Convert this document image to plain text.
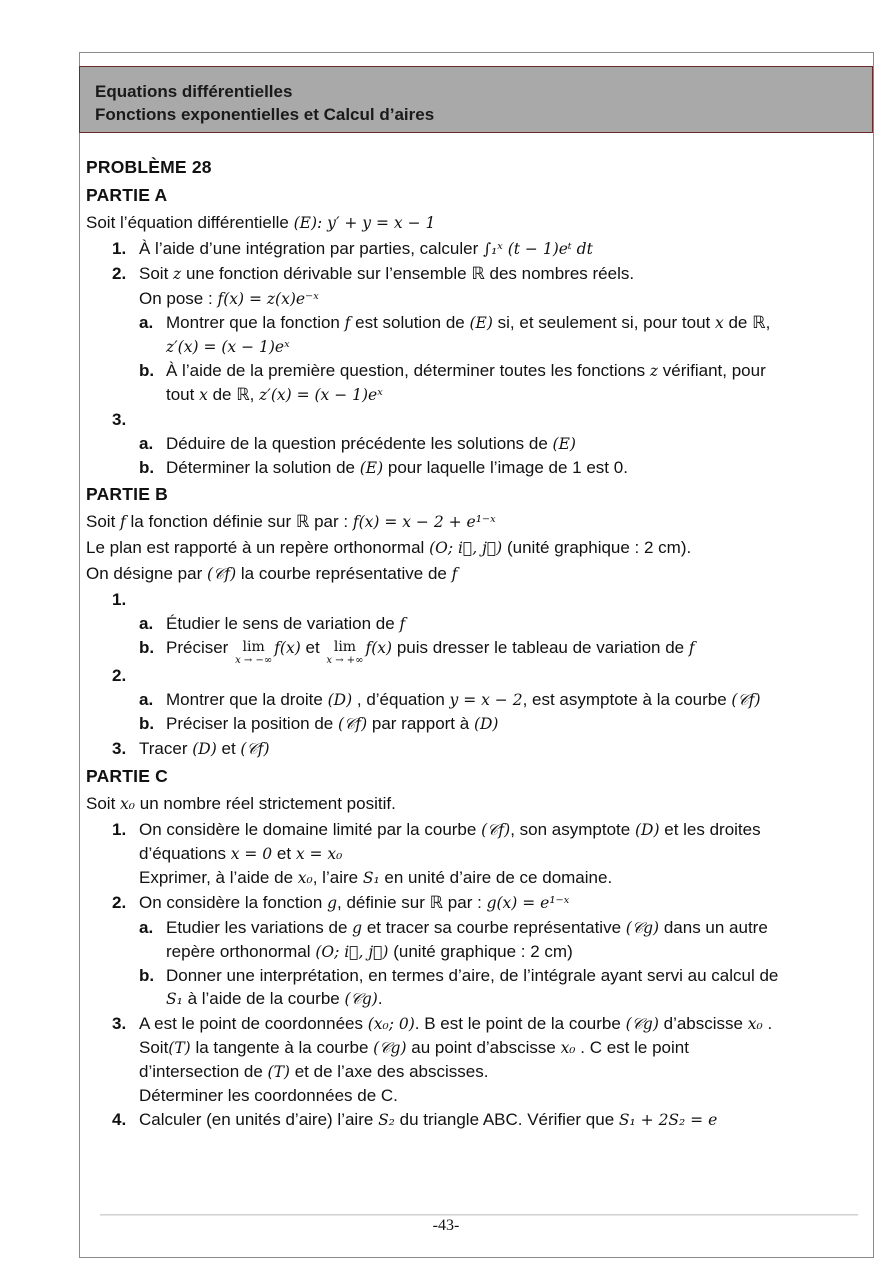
Equations différentielles
Fonctions exponentielles et Calcul d’aires
PROBLÈME 28
PARTIE A
Soit l’équation différentielle (E): y′ + y = x − 1
1. À l’aide d’une intégration par parties, calculer ∫₁ˣ (t − 1)eᵗ dt
2. Soit z une fonction dérivable sur l’ensemble ℝ des nombres réels.
On pose : f(x) = z(x)e⁻ˣ
a. Montrer que la fonction f est solution de (E) si, et seulement si, pour tout x de ℝ,
z′(x) = (x − 1)eˣ
b. À l’aide de la première question, déterminer toutes les fonctions z vérifiant, pour
tout x de ℝ, z′(x) = (x − 1)eˣ
3.

a. Déduire de la question précédente les solutions de (E)
b. Déterminer la solution de (E) pour laquelle l’image de 1 est 0.
PARTIE B
Soit f la fonction définie sur ℝ par : f(x) = x − 2 + e¹⁻ˣ
Le plan est rapporté à un repère orthonormal (O; i⃗, j⃗) (unité graphique : 2 cm).
On désigne par (𝒞f) la courbe représentative de f
1.

a. Étudier le sens de variation de f
b. Préciser	lim
x → −∞
f(x) et	lim
x → +∞
f(x) puis dresser le tableau de variation de f
2.

a. Montrer que la droite (D) , d’équation y = x − 2, est asymptote à la courbe (𝒞f)
b. Préciser la position de (𝒞f) par rapport à (D)
3. Tracer (D) et (𝒞f)
PARTIE C
Soit x₀ un nombre réel strictement positif.
1. On considère le domaine limité par la courbe (𝒞f), son asymptote (D) et les droites
d’équations x = 0 et x = x₀
Exprimer, à l’aide de x₀, l’aire S₁ en unité d’aire de ce domaine.
2. On considère la fonction g, définie sur ℝ par : g(x) = e¹⁻ˣ
a. Etudier les variations de g et tracer sa courbe représentative (𝒞g) dans un autre
repère orthonormal (O; i⃗, j⃗) (unité graphique : 2 cm)
b. Donner une interprétation, en termes d’aire, de l’intégrale ayant servi au calcul de
S₁ à l’aide de la courbe (𝒞g).
3. A est le point de coordonnées (x₀; 0). B est le point de la courbe (𝒞g) d’abscisse x₀ .
Soit(T) la tangente à la courbe (𝒞g) au point d’abscisse x₀ . C est le point
d’intersection de (T) et de l’axe des abscisses.
Déterminer les coordonnées de C.
4. Calculer (en unités d’aire) l’aire S₂ du triangle ABC. Vérifier que S₁ + 2S₂ = e
-43-
